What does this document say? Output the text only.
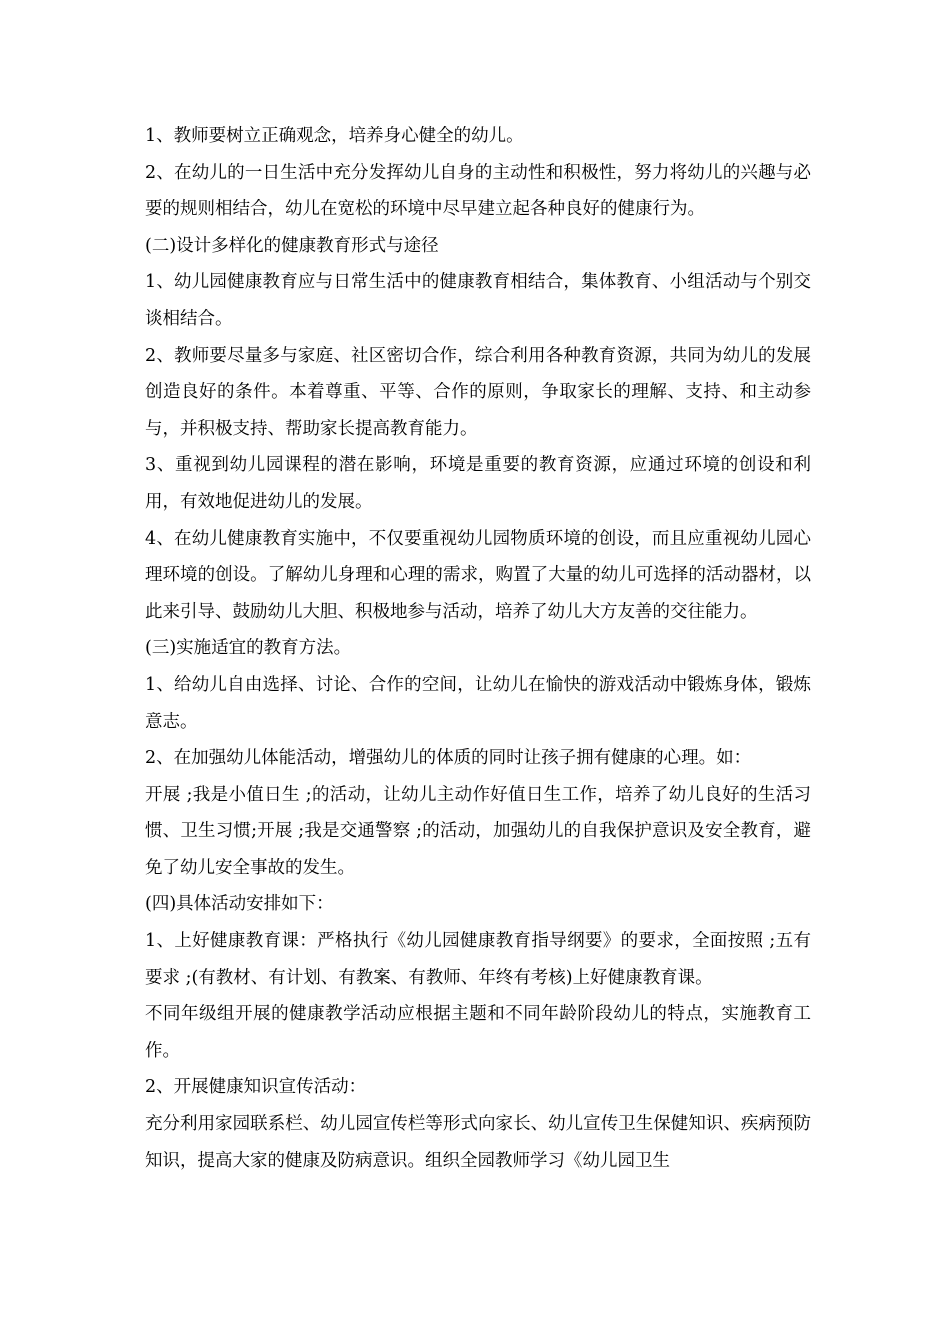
1、教师要树立正确观念，培养身心健全的幼儿。

2、在幼儿的一日生活中充分发挥幼儿自身的主动性和积极性，努力将幼儿的兴趣与必要的规则相结合，幼儿在宽松的环境中尽早建立起各种良好的健康行为。

(二)设计多样化的健康教育形式与途径

1、幼儿园健康教育应与日常生活中的健康教育相结合，集体教育、小组活动与个别交谈相结合。

2、教师要尽量多与家庭、社区密切合作，综合利用各种教育资源，共同为幼儿的发展创造良好的条件。本着尊重、平等、合作的原则，争取家长的理解、支持、和主动参与，并积极支持、帮助家长提高教育能力。

3、重视到幼儿园课程的潜在影响，环境是重要的教育资源，应通过环境的创设和利用，有效地促进幼儿的发展。

4、在幼儿健康教育实施中，不仅要重视幼儿园物质环境的创设，而且应重视幼儿园心理环境的创设。了解幼儿身理和心理的需求，购置了大量的幼儿可选择的活动器材，以此来引导、鼓励幼儿大胆、积极地参与活动，培养了幼儿大方友善的交往能力。

(三)实施适宜的教育方法。

1、给幼儿自由选择、讨论、合作的空间，让幼儿在愉快的游戏活动中锻炼身体，锻炼意志。

2、在加强幼儿体能活动，增强幼儿的体质的同时让孩子拥有健康的心理。如：

开展 ;我是小值日生 ;的活动，让幼儿主动作好值日生工作，培养了幼儿良好的生活习惯、卫生习惯;开展 ;我是交通警察 ;的活动，加强幼儿的自我保护意识及安全教育，避免了幼儿安全事故的发生。

(四)具体活动安排如下：

1、上好健康教育课：严格执行《幼儿园健康教育指导纲要》的要求，全面按照 ;五有要求 ;(有教材、有计划、有教案、有教师、年终有考核)上好健康教育课。

不同年级组开展的健康教学活动应根据主题和不同年龄阶段幼儿的特点，实施教育工作。

2、开展健康知识宣传活动：

充分利用家园联系栏、幼儿园宣传栏等形式向家长、幼儿宣传卫生保健知识、疾病预防知识，提高大家的健康及防病意识。组织全园教师学习《幼儿园卫生
